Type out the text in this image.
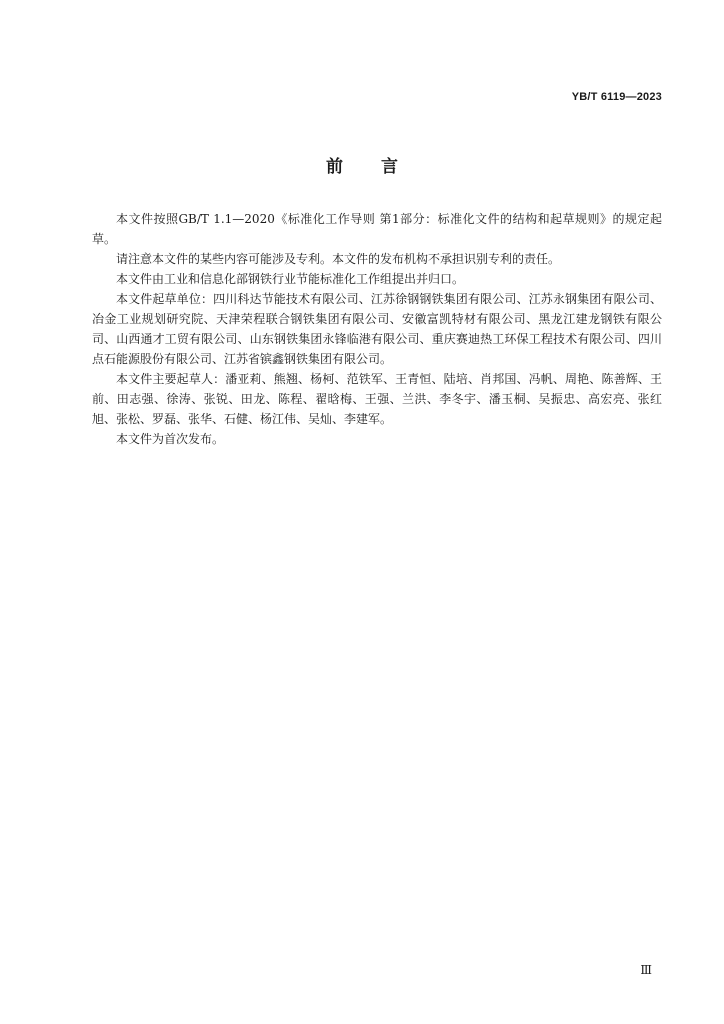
YB/T 6119—2023
前言

本文件按照GB/T 1.1—2020《标准化工作导则 第1部分：标准化文件的结构和起草规则》的规定起草。

请注意本文件的某些内容可能涉及专利。本文件的发布机构不承担识别专利的责任。

本文件由工业和信息化部钢铁行业节能标准化工作组提出并归口。

本文件起草单位：四川科达节能技术有限公司、江苏徐钢钢铁集团有限公司、江苏永钢集团有限公司、冶金工业规划研究院、天津荣程联合钢铁集团有限公司、安徽富凯特材有限公司、黑龙江建龙钢铁有限公司、山西通才工贸有限公司、山东钢铁集团永锋临港有限公司、重庆赛迪热工环保工程技术有限公司、四川点石能源股份有限公司、江苏省镔鑫钢铁集团有限公司。

本文件主要起草人：潘亚莉、熊翘、杨柯、范铁军、王青恒、陆培、肖邦国、冯帆、周艳、陈善辉、王前、田志强、徐涛、张锐、田龙、陈程、翟晗梅、王强、兰洪、李冬宇、潘玉桐、吴振忠、高宏亮、张红旭、张松、罗磊、张华、石健、杨江伟、吴灿、李建军。

本文件为首次发布。

Ⅲ
